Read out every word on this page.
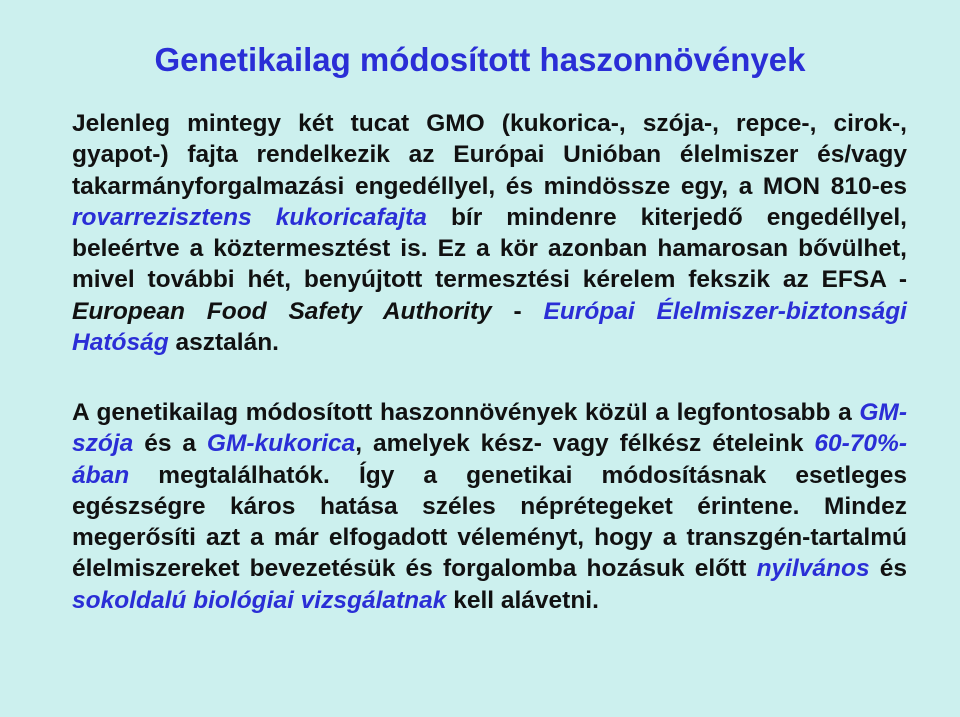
Genetikailag módosított haszonnövények

Jelenleg mintegy két tucat GMO (kukorica-, szója-, repce-, cirok-, gyapot-) fajta rendelkezik az Európai Unióban élelmiszer és/vagy takarmányforgalmazási engedéllyel, és mindössze egy, a MON 810-es rovarrezisztens kukoricafajta bír mindenre kiterjedő engedéllyel, beleértve a köztermesztést is. Ez a kör azonban hamarosan bővülhet, mivel további hét, benyújtott termesztési kérelem fekszik az EFSA - European Food Safety Authority - Európai Élelmiszer-biztonsági Hatóság asztalán.

A genetikailag módosított haszonnövények közül a legfontosabb a GM-szója és a GM-kukorica, amelyek kész- vagy félkész ételeink 60-70%-ában megtalálhatók. Így a genetikai módosításnak esetleges egészségre káros hatása széles néprétegeket érintene. Mindez megerősíti azt a már elfogadott véleményt, hogy a transzgén-tartalmú élelmiszereket bevezetésük és forgalomba hozásuk előtt nyilvános és sokoldalú biológiai vizsgálatnak kell alávetni.
